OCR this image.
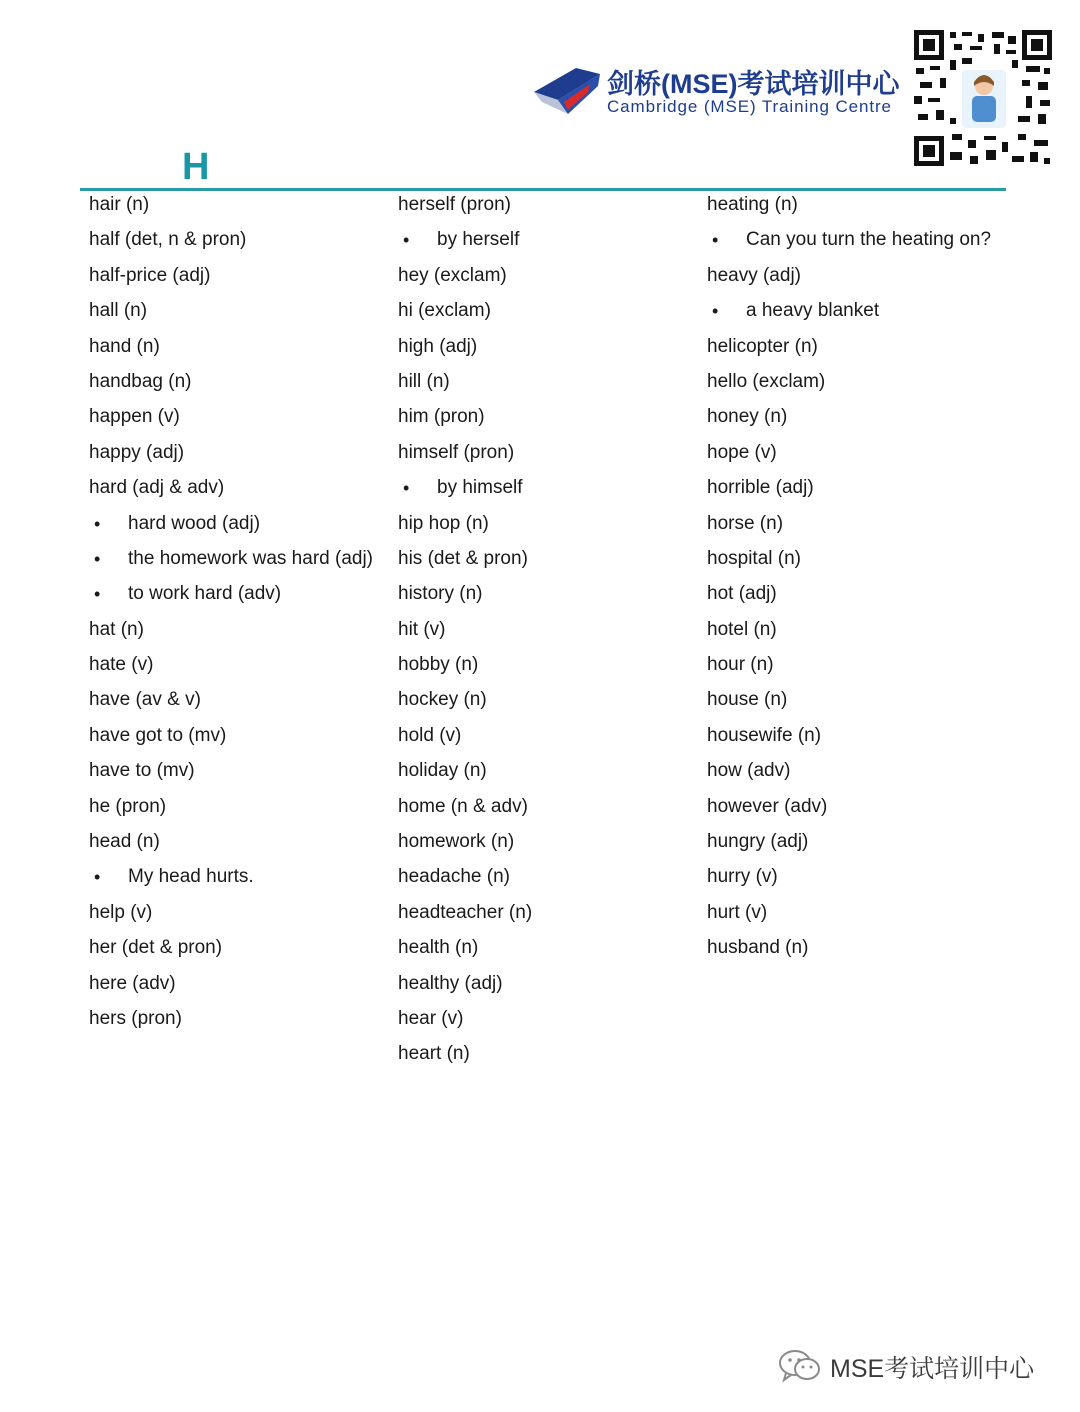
剑桥(MSE)考试培训中心
Cambridge (MSE) Training Centre
H
hair (n)
half (det, n & pron)
half-price (adj)
hall (n)
hand (n)
handbag (n)
happen (v)
happy (adj)
hard (adj & adv)
• hard wood (adj)
• the homework was hard (adj)
• to work hard (adv)
hat (n)
hate (v)
have (av & v)
have got to (mv)
have to (mv)
he (pron)
head (n)
• My head hurts.
help (v)
her (det & pron)
here (adv)
hers (pron)
herself (pron)
• by herself
hey (exclam)
hi (exclam)
high (adj)
hill (n)
him (pron)
himself (pron)
• by himself
hip hop (n)
his (det & pron)
history (n)
hit (v)
hobby (n)
hockey (n)
hold (v)
holiday (n)
home (n & adv)
homework (n)
headache (n)
headteacher (n)
health (n)
healthy (adj)
hear (v)
heart (n)
heating (n)
• Can you turn the heating on?
heavy (adj)
• a heavy blanket
helicopter (n)
hello (exclam)
honey (n)
hope (v)
horrible (adj)
horse (n)
hospital (n)
hot (adj)
hotel (n)
hour (n)
house (n)
housewife (n)
how (adv)
however (adv)
hungry (adj)
hurry (v)
hurt (v)
husband (n)
MSE考试培训中心
